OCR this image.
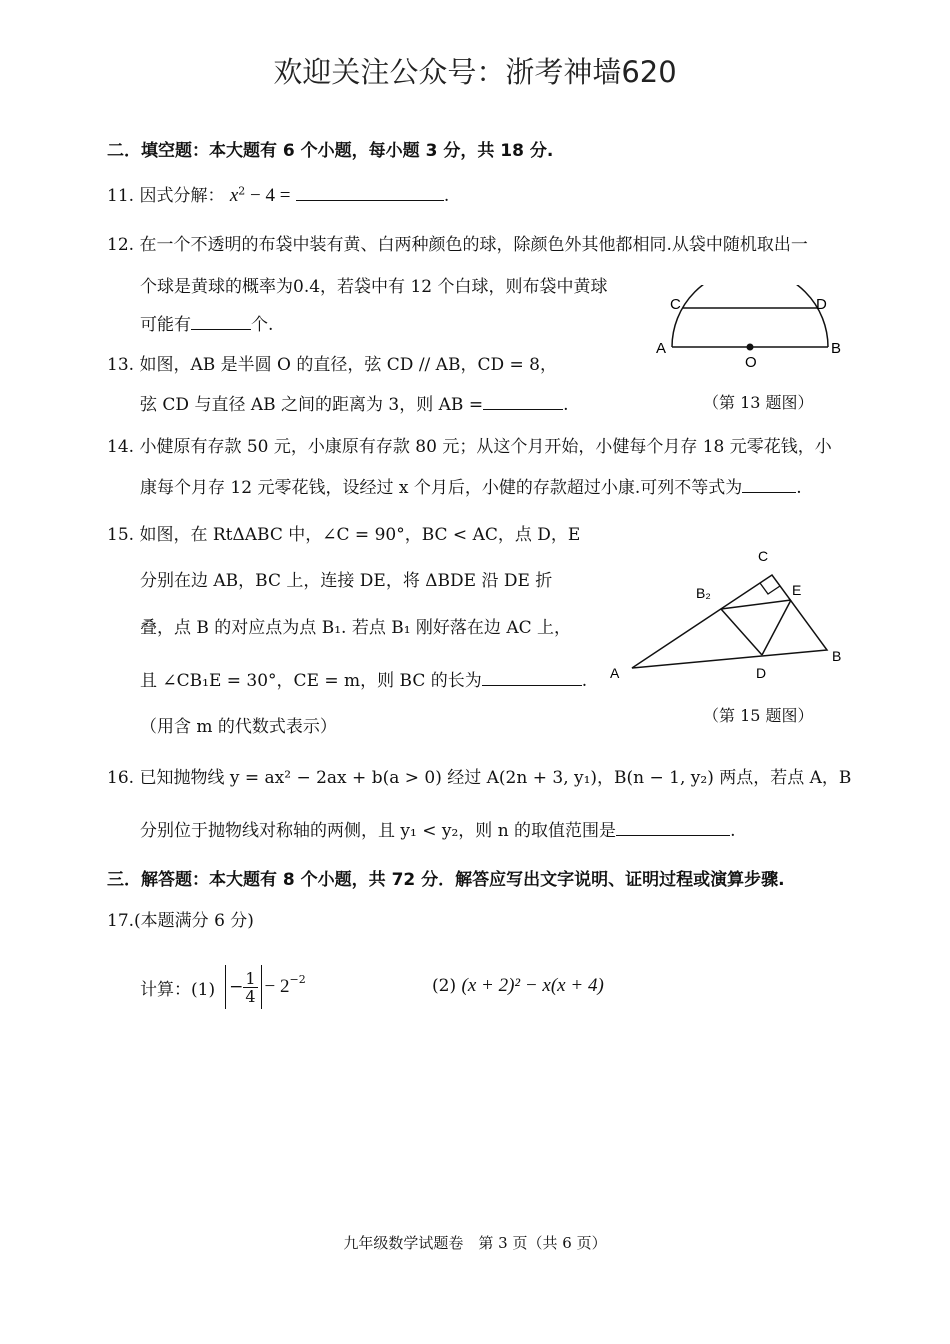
欢迎关注公众号：浙考神墙620
二．填空题：本大题有 6 个小题，每小题 3 分，共 18 分.
11. 因式分解： $x^2 - 4$ =	.
12. 在一个不透明的布袋中装有黄、白两种颜色的球，除颜色外其他都相同.从袋中随机取出一
个球是黄球的概率为0.4，若袋中有 12 个白球，则布袋中黄球
可能有	个.
C	D
A	B
O
（第 13 题图）
13. 如图，AB 是半圆 O 的直径，弦 CD // AB，CD = 8，
弦 CD 与直径 AB 之间的距离为 3，则 AB =	.
14. 小健原有存款 50 元，小康原有存款 80 元；从这个月开始，小健每个月存 18 元零花钱，小
康每个月存 12 元零花钱，设经过 x 个月后，小健的存款超过小康.可列不等式为	.
15. 如图，在 RtΔABC 中，∠C = 90°，BC < AC，点 D，E
分别在边 AB，BC 上，连接 DE，将 ΔBDE 沿 DE 折
叠，点 B 的对应点为点 B₁. 若点 B₁ 刚好落在边 AC 上，
且 ∠CB₁E = 30°，CE = m，则 BC 的长为	.
（用含 m 的代数式表示）
C
B₂	E
A	D
B
（第 15 题图）
16. 已知抛物线 y = ax² − 2ax + b(a > 0) 经过 A(2n + 3, y₁)，B(n − 1, y₂) 两点，若点 A，B
分别位于抛物线对称轴的两侧，且 y₁ < y₂，则 n 的取值范围是	.
三．解答题：本大题有 8 个小题，共 72 分．解答应写出文字说明、证明过程或演算步骤.
17.(本题满分 6 分)
计算：$(1) - \frac{1}{4} - 2^{-2}$	(2) (x + 2)² − x(x + 4)
九年级数学试题卷　第 3 页（共 6 页）
